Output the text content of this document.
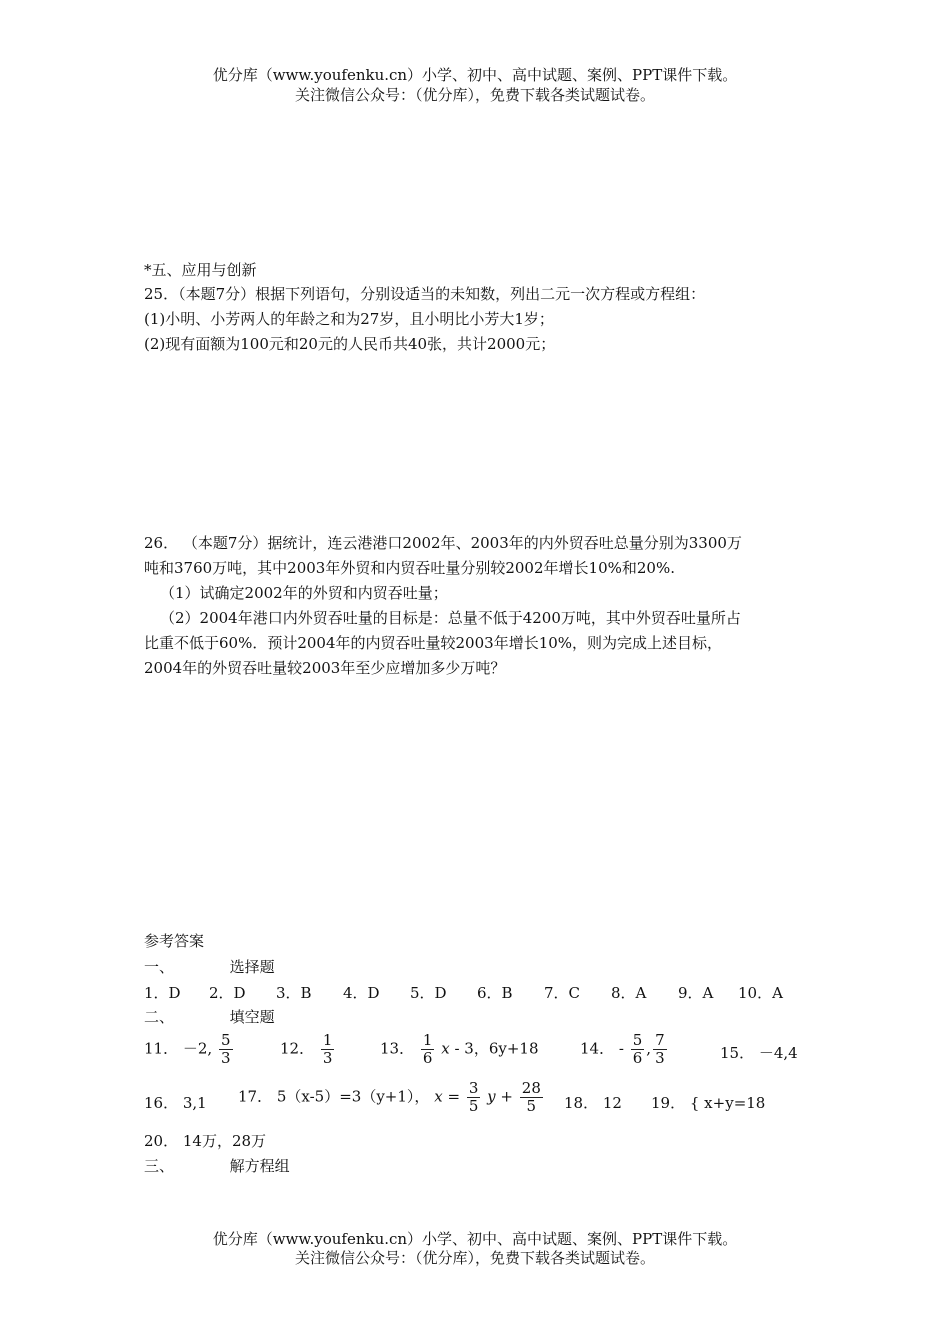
优分库（www.youfenku.cn）小学、初中、高中试题、案例、PPT课件下载。
关注微信公众号：（优分库），免费下载各类试题试卷。
*五、应用与创新
25．（本题7分）根据下列语句，分别设适当的未知数，列出二元一次方程或方程组：
(1)小明、小芳两人的年龄之和为27岁，且小明比小芳大1岁；
(2)现有面额为100元和20元的人民币共40张，共计2000元；
26． （本题7分）据统计，连云港港口2002年、2003年的内外贸吞吐总量分别为3300万
吨和3760万吨，其中2003年外贸和内贸吞吐量分别较2002年增长10%和20%.
（1）试确定2002年的外贸和内贸吞吐量；
（2）2004年港口内外贸吞吐量的目标是：总量不低于4200万吨，其中外贸吞吐量所占
比重不低于60%．预计2004年的内贸吞吐量较2003年增长10%，则为完成上述目标，
2004年的外贸吞吐量较2003年至少应增加多少万吨？
参考答案
一、	选择题
1．D 2．D 3．B 4．D 5．D 6．B 7．C 8．A 9．A 10．A
二、	填空题
11． －2, $\frac{5}{3}$	12． $\frac{1}{3}$	13． $\frac{1}{6}$ x - 3，6y+18	14． - $\frac{5}{6}$ , $\frac{7}{3}$	15． －4,4
16． 3,1 17． 5（x-5）=3（y+1）， $x = \frac{3}{5}$ $y + \frac{28}{5} 18$． 12 19． { x+y=18
20． 14万，28万
三、	解方程组
优分库（www.youfenku.cn）小学、初中、高中试题、案例、PPT课件下载。
关注微信公众号：（优分库），免费下载各类试题试卷。
